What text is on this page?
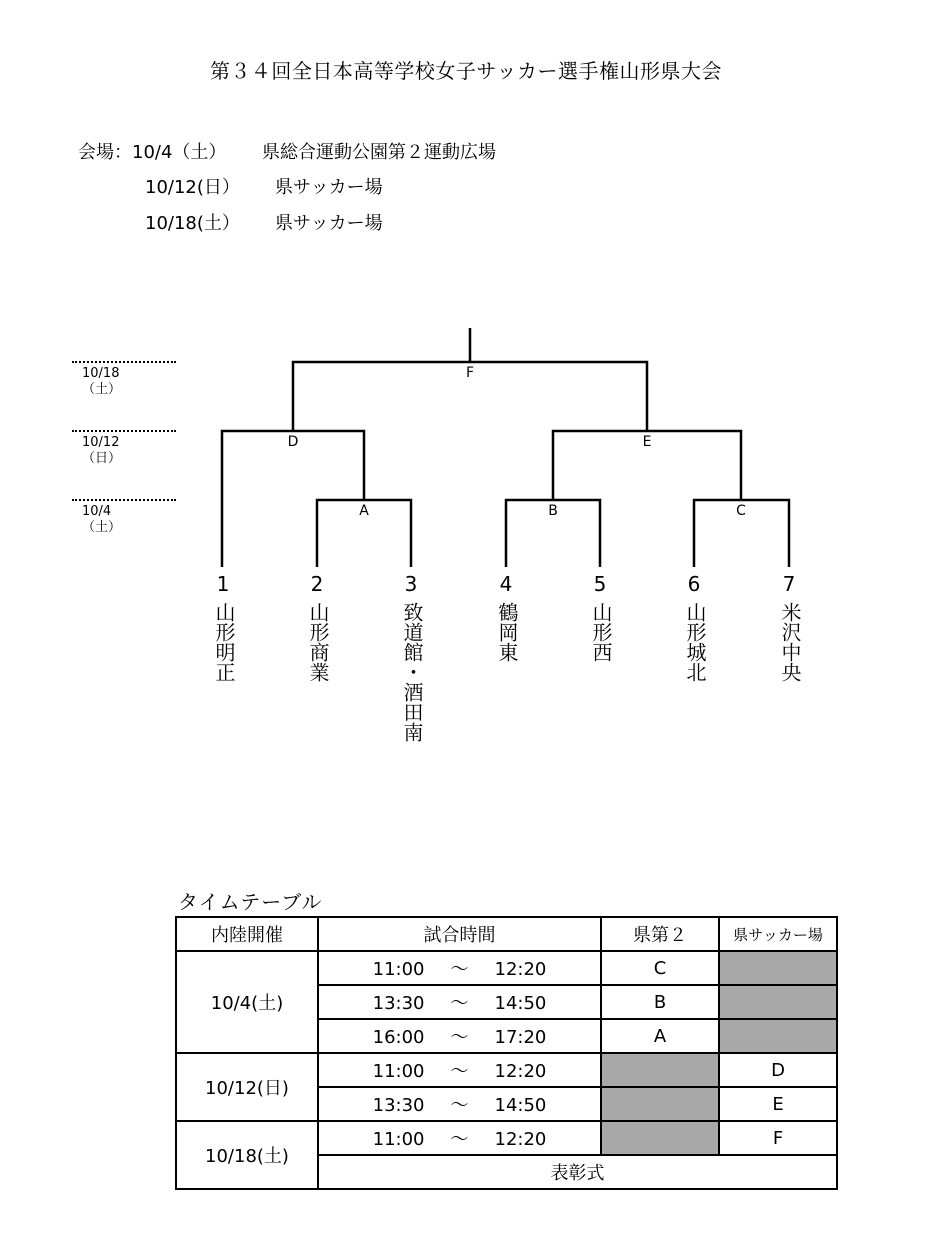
第３４回全日本高等学校女子サッカー選手権山形県大会
会場：10/4（土） 県総合運動公園第２運動広場
10/12(日） 県サッカー場
10/18(土） 県サッカー場
10/18
（土）
10/12
（日）
10/4
（土）
A	B	C
D	E
F
1
山形明正
2
山形商業
3
致道館・酒田南
4
鶴岡東
5
山形西
6
山形城北
7
米沢中央
タイムテーブル
内陸開催	試合時間	県第２	県サッカー場
10/4(土)	11:00 ～ 12:20	C	
	13:30 ～ 14:50	B	
	16:00 ～ 17:20	A	
10/12(日)	11:00 ～ 12:20		D
	13:30 ～ 14:50		E
10/18(土)	11:00 ～ 12:20		F
	表彰式		
